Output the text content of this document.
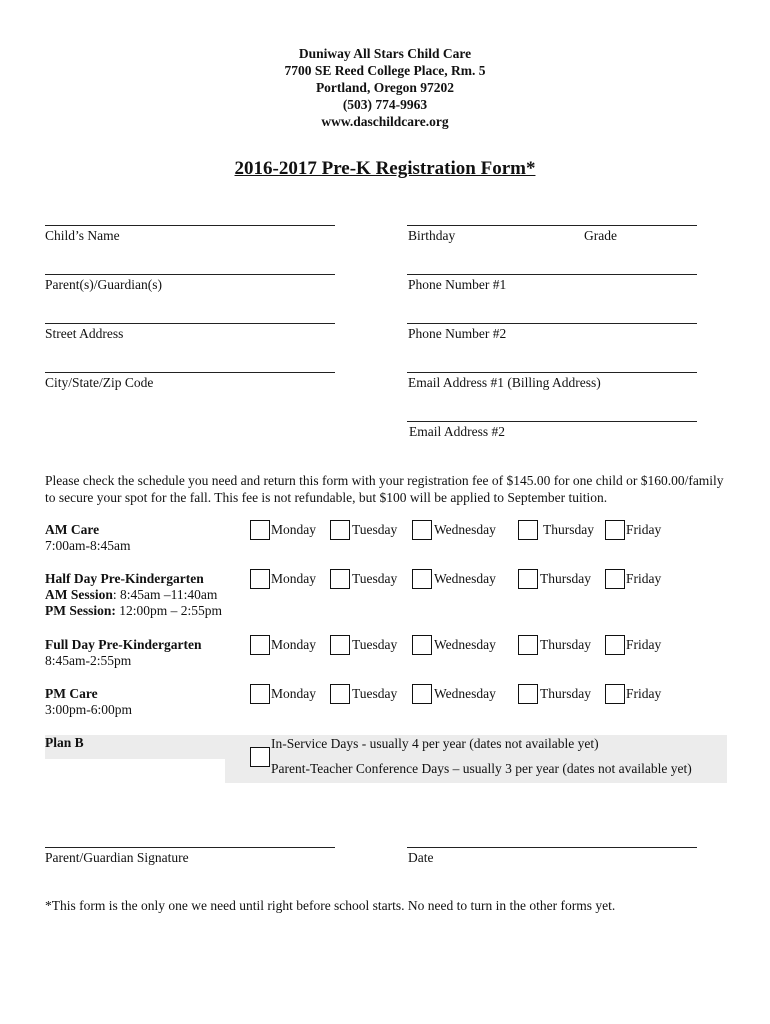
Duniway All Stars Child Care
7700 SE Reed College Place, Rm. 5
Portland, Oregon 97202
(503) 774-9963
www.daschildcare.org
2016-2017 Pre-K Registration Form*
Child’s Name	Birthday	Grade
Parent(s)/Guardian(s)	Phone Number #1
Street Address	Phone Number #2
City/State/Zip Code	Email Address #1 (Billing Address)
Email Address #2
Please check the schedule you need and return this form with your registration fee of $145.00 for one child or $160.00/family to secure your spot for the fall. This fee is not refundable, but $100 will be applied to September tuition.
AM Care
7:00am-8:45am
Monday	Tuesday	Wednesday	Thursday Friday
Half Day Pre-Kindergarten
AM Session: 8:45am –11:40am
PM Session: 12:00pm – 2:55pm
Monday	Tuesday	Wednesday	Thursday	Friday
Full Day Pre-Kindergarten
8:45am-2:55pm
Monday	Tuesday	Wednesday	Thursday	Friday
PM Care
3:00pm-6:00pm
Monday	Tuesday	Wednesday	Thursday	Friday
Plan B	In-Service Days - usually 4 per year (dates not available yet)
Parent-Teacher Conference Days – usually 3 per year (dates not available yet)
Parent/Guardian Signature	Date
*This form is the only one we need until right before school starts. No need to turn in the other forms yet.
